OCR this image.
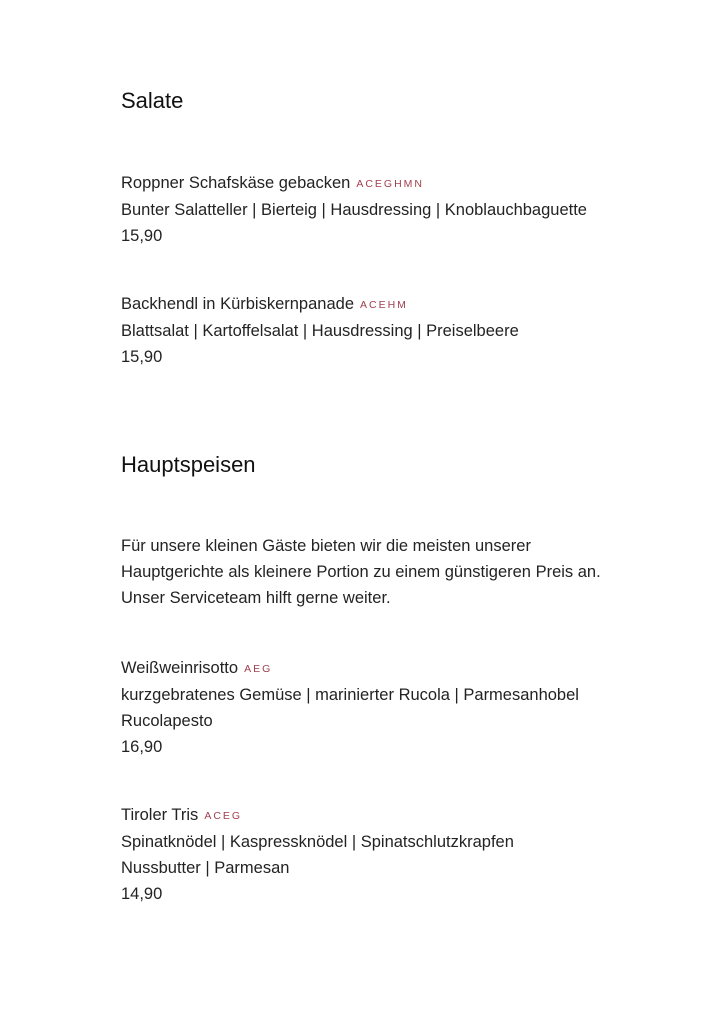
Salate
Roppner Schafskäse gebacken ACEGHMN
Bunter Salatteller | Bierteig | Hausdressing | Knoblauchbaguette
15,90
Backhendl in Kürbiskernpanade ACEHM
Blattsalat | Kartoffelsalat | Hausdressing | Preiselbeere
15,90
Hauptspeisen
Für unsere kleinen Gäste bieten wir die meisten unserer
Hauptgerichte als kleinere Portion zu einem günstigeren Preis an.
Unser Serviceteam hilft gerne weiter.
Weißweinrisotto AEG
kurzgebratenes Gemüse | marinierter Rucola | Parmesanhobel
Rucolapesto
16,90
Tiroler Tris ACEG
Spinatknödel | Kaspressknödel | Spinatschlutzkrapfen
Nussbutter | Parmesan
14,90
